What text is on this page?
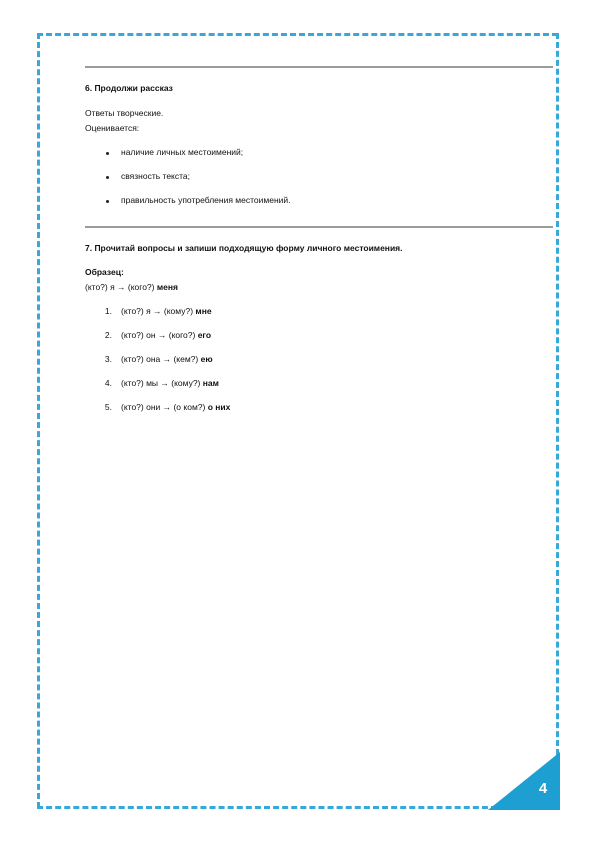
6. Продолжи рассказ
Ответы творческие.
Оценивается:
наличие личных местоимений;
связность текста;
правильность употребления местоимений.
7. Прочитай вопросы и запиши подходящую форму личного местоимения.
Образец:
(кто?) я → (кого?) меня
1. (кто?) я → (кому?) мне
2. (кто?) он → (кого?) его
3. (кто?) она → (кем?) ею
4. (кто?) мы → (кому?) нам
5. (кто?) они → (о ком?) о них
4
